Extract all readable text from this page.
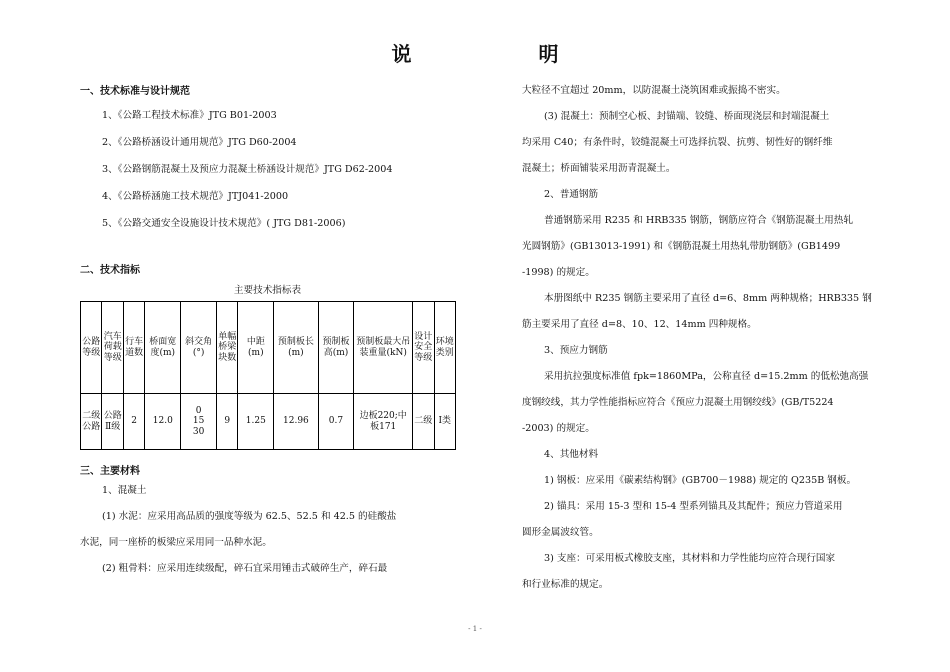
说 明

一、技术标准与设计规范

1、《公路工程技术标准》JTG B01-2003
2、《公路桥涵设计通用规范》JTG D60-2004
3、《公路钢筋混凝土及预应力混凝土桥涵设计规范》JTG D62-2004
4、《公路桥涵施工技术规范》JTJ041-2000
5、《公路交通安全设施设计技术规范》( JTG D81-2006)

二、技术指标

主要技术指标表

公路等级	汽车荷载等级	行车道数	桥面宽度(m)	斜交角(°)	单幅桥梁块数	中距(m)	预制板长(m)	预制板高(m)	预制板最大吊装重量(kN)	设计安全等级	环境类别
二级公路	公路Ⅱ级	2	12.0	0
15
30	9	1.25	12.96	0.7	边板220;中板171	二级	Ⅰ类

三、主要材料

1、混凝土

(1) 水泥：应采用高品质的强度等级为 62.5、52.5 和 42.5 的硅酸盐

水泥，同一座桥的板梁应采用同一品种水泥。

(2) 粗骨料：应采用连续级配，碎石宜采用锤击式破碎生产，碎石最

大粒径不宜超过 20mm，以防混凝土浇筑困难或振捣不密实。

(3) 混凝土：预制空心板、封锚端、铰缝、桥面现浇层和封端混凝土

均采用 C40；有条件时，铰缝混凝土可选择抗裂、抗剪、韧性好的钢纤维

混凝土；桥面铺装采用沥青混凝土。

2、普通钢筋

普通钢筋采用 R235 和 HRB335 钢筋，钢筋应符合《钢筋混凝土用热轧

光圆钢筋》(GB13013-1991) 和《钢筋混凝土用热轧带肋钢筋》(GB1499

-1998) 的规定。

本册图纸中 R235 钢筋主要采用了直径 d=6、8mm 两种规格；HRB335 钢

筋主要采用了直径 d=8、10、12、14mm 四种规格。

3、预应力钢筋

采用抗拉强度标准值 fpk=1860MPa，公称直径 d=15.2mm 的低松弛高强

度钢绞线，其力学性能指标应符合《预应力混凝土用钢绞线》(GB/T5224

-2003) 的规定。

4、其他材料

1) 钢板：应采用《碳素结构钢》(GB700－1988) 规定的 Q235B 钢板。

2) 锚具：采用 15-3 型和 15-4 型系列锚具及其配件；预应力管道采用

圆形金属波纹管。

3) 支座：可采用板式橡胶支座，其材料和力学性能均应符合现行国家

和行业标准的规定。

- 1 -
